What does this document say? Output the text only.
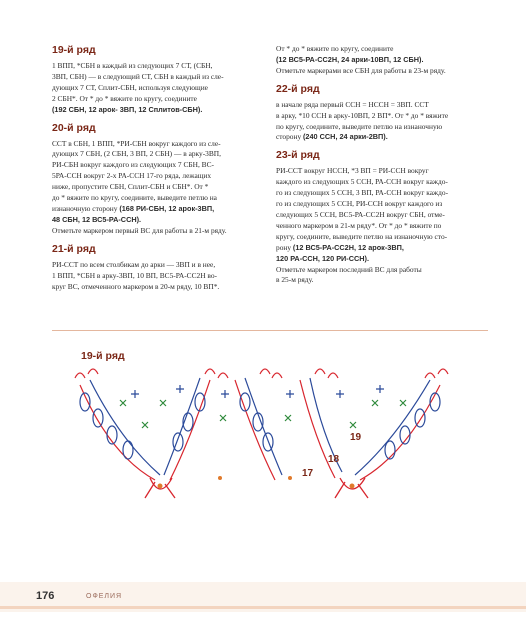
19-й ряд
1 ВПП, *СБН в каждый из следующих 7 СТ, (СБН,
3ВП, СБН) — в следующий СТ, СБН в каждый из сле-
дующих 7 СТ, Сплит-СБН, используя следующие
2 СБН*. От * до * вяжите по кругу, соедините
(192 СБН, 12 арок- 3ВП, 12 Сплитов-СБН).
20-й ряд
ССТ в СБН, 1 ВПП, *РИ-СБН вокруг каждого из сле-
дующих 7 СБН, (2 СБН, 3 ВП, 2 СБН) — в арку-3ВП,
РИ-СБН вокруг каждого из следующих 7 СБН, ВС-
5РА-ССН вокруг 2-х РА-ССН 17-го ряда, лежащих
ниже, пропустите СБН, Сплит-СБН и СБН*. От *
до * вяжите по кругу, соедините, выведите петлю на
изнаночную сторону (168 РИ-СБН, 12 арок-3ВП,
48 СБН, 12 ВС5-РА-ССН).
Отметьте маркером первый ВС для работы в 21-м ряду.
21-й ряд
РИ-ССТ по всем столбикам до арки — 3ВП и в нее,
1 ВПП, *СБН в арку-3ВП, 10 ВП, ВС5-РА-СС2Н во-
круг ВС, отмеченного маркером в 20-м ряду, 10 ВП*.
От * до * вяжите по кругу, соедините
(12 ВС5-РА-СС2Н, 24 арки-10ВП, 12 СБН).
Отметьте маркерами все СБН для работы в 23-м ряду.
22-й ряд
в начале ряда первый ССН = НССН = 3ВП. ССТ
в арку, *10 ССН в арку-10ВП, 2 ВП*. От * до * вяжите
по кругу, соедините, выведите петлю на изнаночную
сторону (240 ССН, 24 арки-2ВП).
23-й ряд
РИ-ССТ вокруг НССН, *3 ВП = РИ-ССН вокруг
каждого из следующих 5 ССН, РА-ССН вокруг каждо-
го из следующих 5 ССН, 3 ВП, РА-ССН вокруг каждо-
го из следующих 5 ССН, РИ-ССН вокруг каждого из
следующих 5 ССН, ВС5-РА-СС2Н вокруг СБН, отме-
ченного маркером в 21-м ряду*. От * до * вяжите по
кругу, соедините, выведите петлю на изнаночную сто-
рону (12 ВС5-РА-СС2Н, 12 арок-3ВП,
120 РА-ССН, 120 РИ-ССН).
Отметьте маркером последний ВС для работы
в 25-м ряду.
19-й ряд
19
18
17
176	ОФЕЛИЯ
